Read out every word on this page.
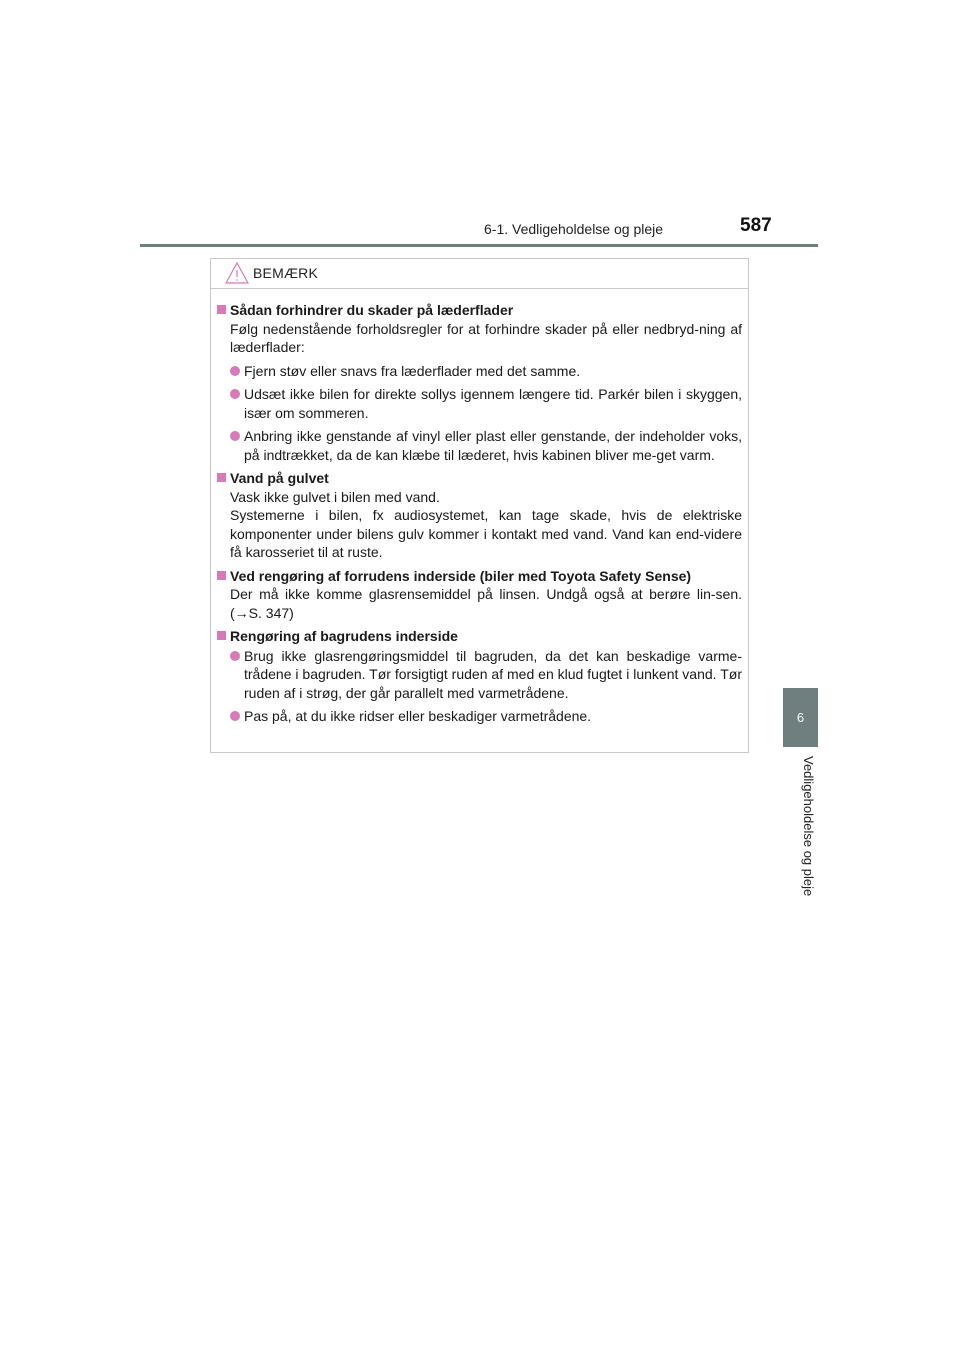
6-1. Vedligeholdelse og pleje	587
6
Vedligeholdelse og pleje
BEMÆRK
Sådan forhindrer du skader på læderflader
Følg nedenstående forholdsregler for at forhindre skader på eller nedbryd-ning af læderflader:
Fjern støv eller snavs fra læderflader med det samme.
Udsæt ikke bilen for direkte sollys igennem længere tid. Parkér bilen i skyggen, især om sommeren.
Anbring ikke genstande af vinyl eller plast eller genstande, der indeholder voks, på indtrækket, da de kan klæbe til læderet, hvis kabinen bliver me-get varm.
Vand på gulvet
Vask ikke gulvet i bilen med vand.
Systemerne i bilen, fx audiosystemet, kan tage skade, hvis de elektriske komponenter under bilens gulv kommer i kontakt med vand. Vand kan end-videre få karosseriet til at ruste.
Ved rengøring af forrudens inderside (biler med Toyota Safety Sense)
Der må ikke komme glasrensemiddel på linsen. Undgå også at berøre lin-sen. (→S. 347)
Rengøring af bagrudens inderside
Brug ikke glasrengøringsmiddel til bagruden, da det kan beskadige varme-trådene i bagruden. Tør forsigtigt ruden af med en klud fugtet i lunkent vand. Tør ruden af i strøg, der går parallelt med varmetrådene.
Pas på, at du ikke ridser eller beskadiger varmetrådene.
